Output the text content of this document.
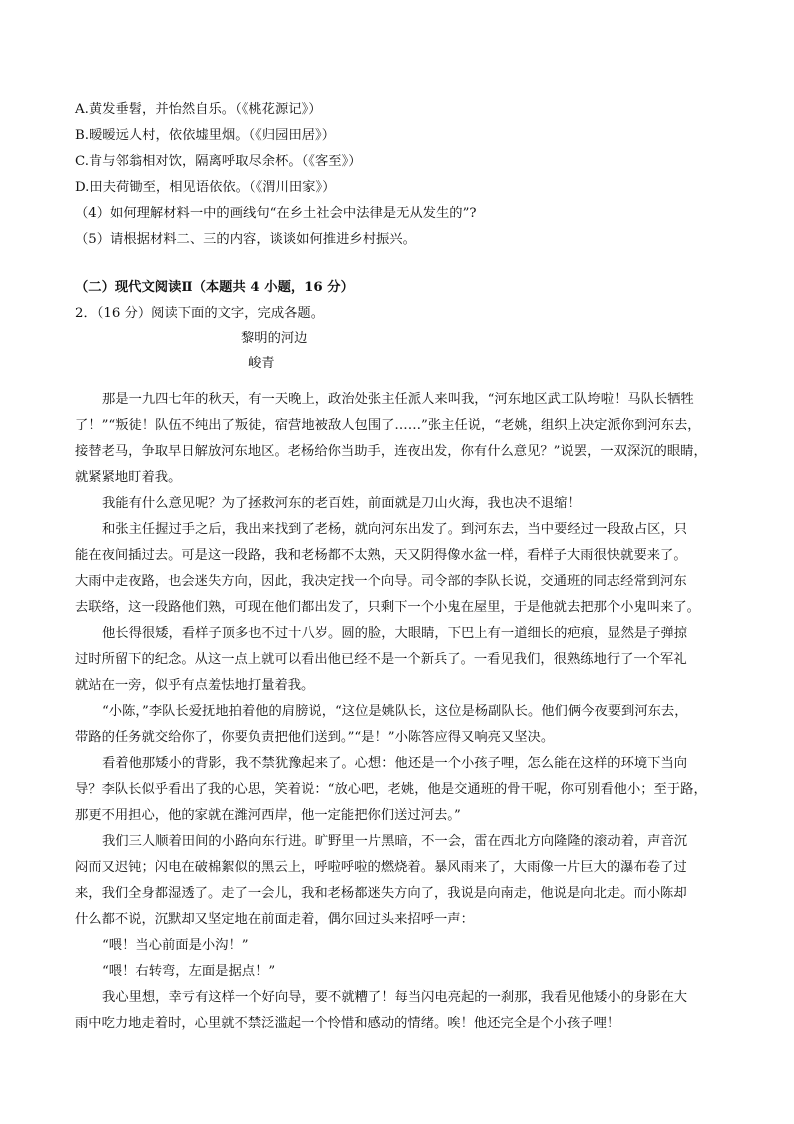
A.黄发垂髫，并怡然自乐。（《桃花源记》）
B.暧暧远人村，依依墟里烟。（《归园田居》）
C.肯与邻翁相对饮，隔离呼取尽余杯。（《客至》）
D.田夫荷锄至，相见语依依。（《渭川田家》）
（4）如何理解材料一中的画线句“在乡土社会中法律是无从发生的”?
（5）请根据材料二、三的内容，谈谈如何推进乡村振兴。
（二）现代文阅读Ⅱ（本题共 4 小题，16 分）
2．（16 分）阅读下面的文字，完成各题。
黎明的河边
峻青
那是一九四七年的秋天，有一天晚上，政治处张主任派人来叫我，“河东地区武工队垮啦！马队长牺牲
了！”“叛徒！队伍不纯出了叛徒，宿营地被敌人包围了……”张主任说，“老姚，组织上决定派你到河东去，
接替老马，争取早日解放河东地区。老杨给你当助手，连夜出发，你有什么意见？”说罢，一双深沉的眼睛，
就紧紧地盯着我。
我能有什么意见呢？为了拯救河东的老百姓，前面就是刀山火海，我也决不退缩！
和张主任握过手之后，我出来找到了老杨，就向河东出发了。到河东去，当中要经过一段敌占区，只
能在夜间插过去。可是这一段路，我和老杨都不太熟，天又阴得像水盆一样，看样子大雨很快就要来了。
大雨中走夜路，也会迷失方向，因此，我决定找一个向导。司令部的李队长说，交通班的同志经常到河东
去联络，这一段路他们熟，可现在他们都出发了，只剩下一个小鬼在屋里，于是他就去把那个小鬼叫来了。
他长得很矮，看样子顶多也不过十八岁。圆的脸，大眼睛，下巴上有一道细长的疤痕，显然是子弹掠
过时所留下的纪念。从这一点上就可以看出他已经不是一个新兵了。一看见我们，很熟练地行了一个军礼
就站在一旁，似乎有点羞怯地打量着我。
“小陈，”李队长爱抚地拍着他的肩膀说，“这位是姚队长，这位是杨副队长。他们俩今夜要到河东去，
带路的任务就交给你了，你要负责把他们送到。”“是！”小陈答应得又响亮又坚决。
看着他那矮小的背影，我不禁犹豫起来了。心想：他还是一个小孩子哩，怎么能在这样的环境下当向
导？李队长似乎看出了我的心思，笑着说：“放心吧，老姚，他是交通班的骨干呢，你可别看他小；至于路，
那更不用担心，他的家就在潍河西岸，他一定能把你们送过河去。”
我们三人顺着田间的小路向东行进。旷野里一片黑暗，不一会，雷在西北方向隆隆的滚动着，声音沉
闷而又迟钝；闪电在破棉絮似的黑云上，呼啦呼啦的燃烧着。暴风雨来了，大雨像一片巨大的瀑布卷了过
来，我们全身都湿透了。走了一会儿，我和老杨都迷失方向了，我说是向南走，他说是向北走。而小陈却
什么都不说，沉默却又坚定地在前面走着，偶尔回过头来招呼一声：
“喂！当心前面是小沟！”
“喂！右转弯，左面是据点！”
我心里想，幸亏有这样一个好向导，要不就糟了！每当闪电亮起的一刹那，我看见他矮小的身影在大
雨中吃力地走着时，心里就不禁泛滥起一个怜惜和感动的情绪。唉！他还完全是个小孩子哩！
